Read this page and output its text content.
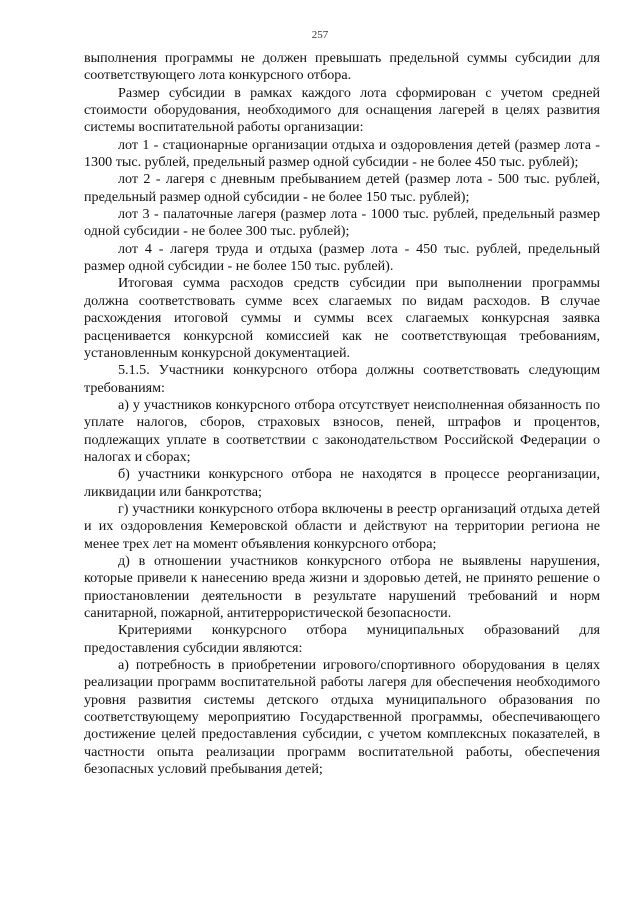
257

выполнения программы не должен превышать предельной суммы субсидии для соответствующего лота конкурсного отбора.

Размер субсидии в рамках каждого лота сформирован с учетом средней стоимости оборудования, необходимого для оснащения лагерей в целях развития системы воспитательной работы организации:

лот 1 - стационарные организации отдыха и оздоровления детей (размер лота - 1300 тыс. рублей, предельный размер одной субсидии - не более 450 тыс. рублей);

лот 2 - лагеря с дневным пребыванием детей (размер лота - 500 тыс. рублей, предельный размер одной субсидии - не более 150 тыс. рублей);

лот 3 - палаточные лагеря (размер лота - 1000 тыс. рублей, предельный размер одной субсидии - не более 300 тыс. рублей);

лот 4 - лагеря труда и отдыха (размер лота - 450 тыс. рублей, предельный размер одной субсидии - не более 150 тыс. рублей).

Итоговая сумма расходов средств субсидии при выполнении программы должна соответствовать сумме всех слагаемых по видам расходов. В случае расхождения итоговой суммы и суммы всех слагаемых конкурсная заявка расценивается конкурсной комиссией как не соответствующая требованиям, установленным конкурсной документацией.

5.1.5. Участники конкурсного отбора должны соответствовать следующим требованиям:

а) у участников конкурсного отбора отсутствует неисполненная обязанность по уплате налогов, сборов, страховых взносов, пеней, штрафов и процентов, подлежащих уплате в соответствии с законодательством Российской Федерации о налогах и сборах;

б) участники конкурсного отбора не находятся в процессе реорганизации, ликвидации или банкротства;

г) участники конкурсного отбора включены в реестр организаций отдыха детей и их оздоровления Кемеровской области и действуют на территории региона не менее трех лет на момент объявления конкурсного отбора;

д) в отношении участников конкурсного отбора не выявлены нарушения, которые привели к нанесению вреда жизни и здоровью детей, не принято решение о приостановлении деятельности в результате нарушений требований и норм санитарной, пожарной, антитеррористической безопасности.

Критериями конкурсного отбора муниципальных образований для предоставления субсидии являются:

а) потребность в приобретении игрового/спортивного оборудования в целях реализации программ воспитательной работы лагеря для обеспечения необходимого уровня развития системы детского отдыха муниципального образования по соответствующему мероприятию Государственной программы, обеспечивающего достижение целей предоставления субсидии, с учетом комплексных показателей, в частности опыта реализации программ воспитательной работы, обеспечения безопасных условий пребывания детей;
